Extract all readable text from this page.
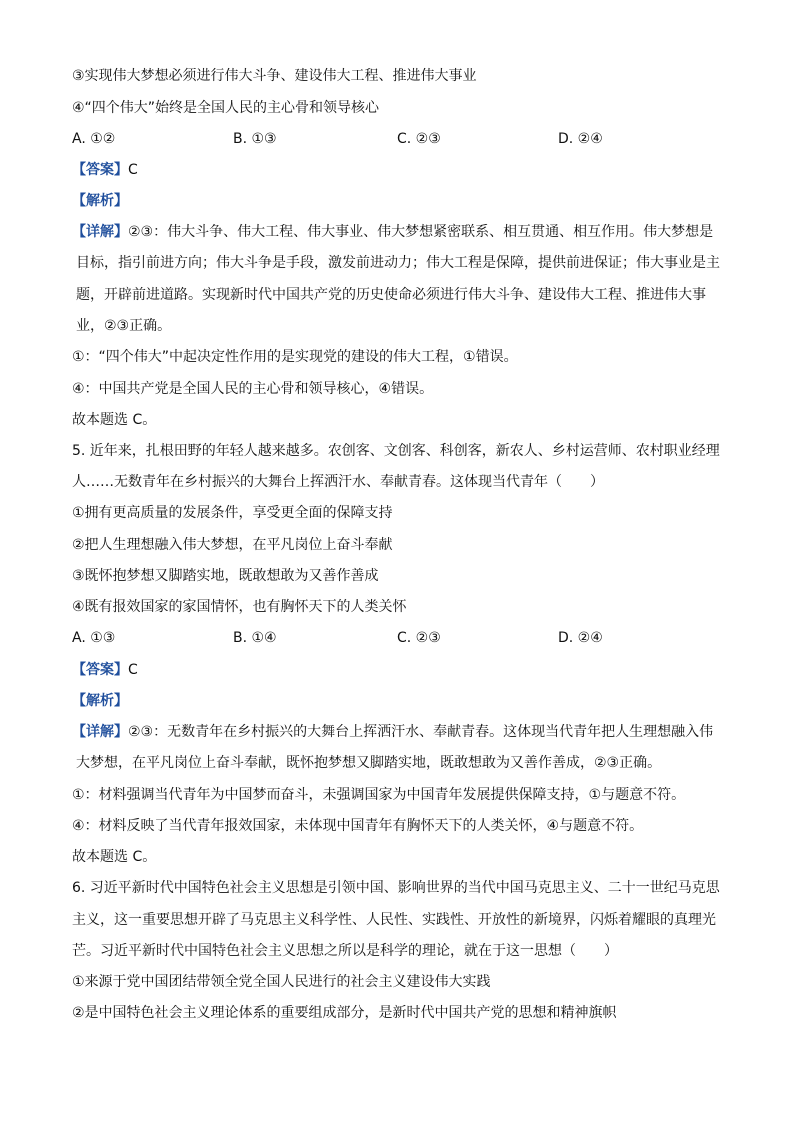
③实现伟大梦想必须进行伟大斗争、建设伟大工程、推进伟大事业
④“四个伟大”始终是全国人民的主心骨和领导核心
A. ①②	B. ①③	C. ②③	D. ②④
【答案】C
【解析】
【详解】②③：伟大斗争、伟大工程、伟大事业、伟大梦想紧密联系、相互贯通、相互作用。伟大梦想是
目标，指引前进方向；伟大斗争是手段，激发前进动力；伟大工程是保障，提供前进保证；伟大事业是主
题，开辟前进道路。实现新时代中国共产党的历史使命必须进行伟大斗争、建设伟大工程、推进伟大事
业，②③正确。
①：“四个伟大”中起决定性作用的是实现党的建设的伟大工程，①错误。
④：中国共产党是全国人民的主心骨和领导核心，④错误。
故本题选 C。
5. 近年来，扎根田野的年轻人越来越多。农创客、文创客、科创客，新农人、乡村运营师、农村职业经理
人……无数青年在乡村振兴的大舞台上挥洒汗水、奉献青春。这体现当代青年（　　）
①拥有更高质量的发展条件，享受更全面的保障支持
②把人生理想融入伟大梦想，在平凡岗位上奋斗奉献
③既怀抱梦想又脚踏实地，既敢想敢为又善作善成
④既有报效国家的家国情怀，也有胸怀天下的人类关怀
A. ①③	B. ①④	C. ②③	D. ②④
【答案】C
【解析】
【详解】②③：无数青年在乡村振兴的大舞台上挥洒汗水、奉献青春。这体现当代青年把人生理想融入伟
大梦想，在平凡岗位上奋斗奉献，既怀抱梦想又脚踏实地，既敢想敢为又善作善成，②③正确。
①：材料强调当代青年为中国梦而奋斗，未强调国家为中国青年发展提供保障支持，①与题意不符。
④：材料反映了当代青年报效国家，未体现中国青年有胸怀天下的人类关怀，④与题意不符。
故本题选 C。
6. 习近平新时代中国特色社会主义思想是引领中国、影响世界的当代中国马克思主义、二十一世纪马克思
主义，这一重要思想开辟了马克思主义科学性、人民性、实践性、开放性的新境界，闪烁着耀眼的真理光
芒。习近平新时代中国特色社会主义思想之所以是科学的理论，就在于这一思想（　　）
①来源于党中国团结带领全党全国人民进行的社会主义建设伟大实践
②是中国特色社会主义理论体系的重要组成部分，是新时代中国共产党的思想和精神旗帜
